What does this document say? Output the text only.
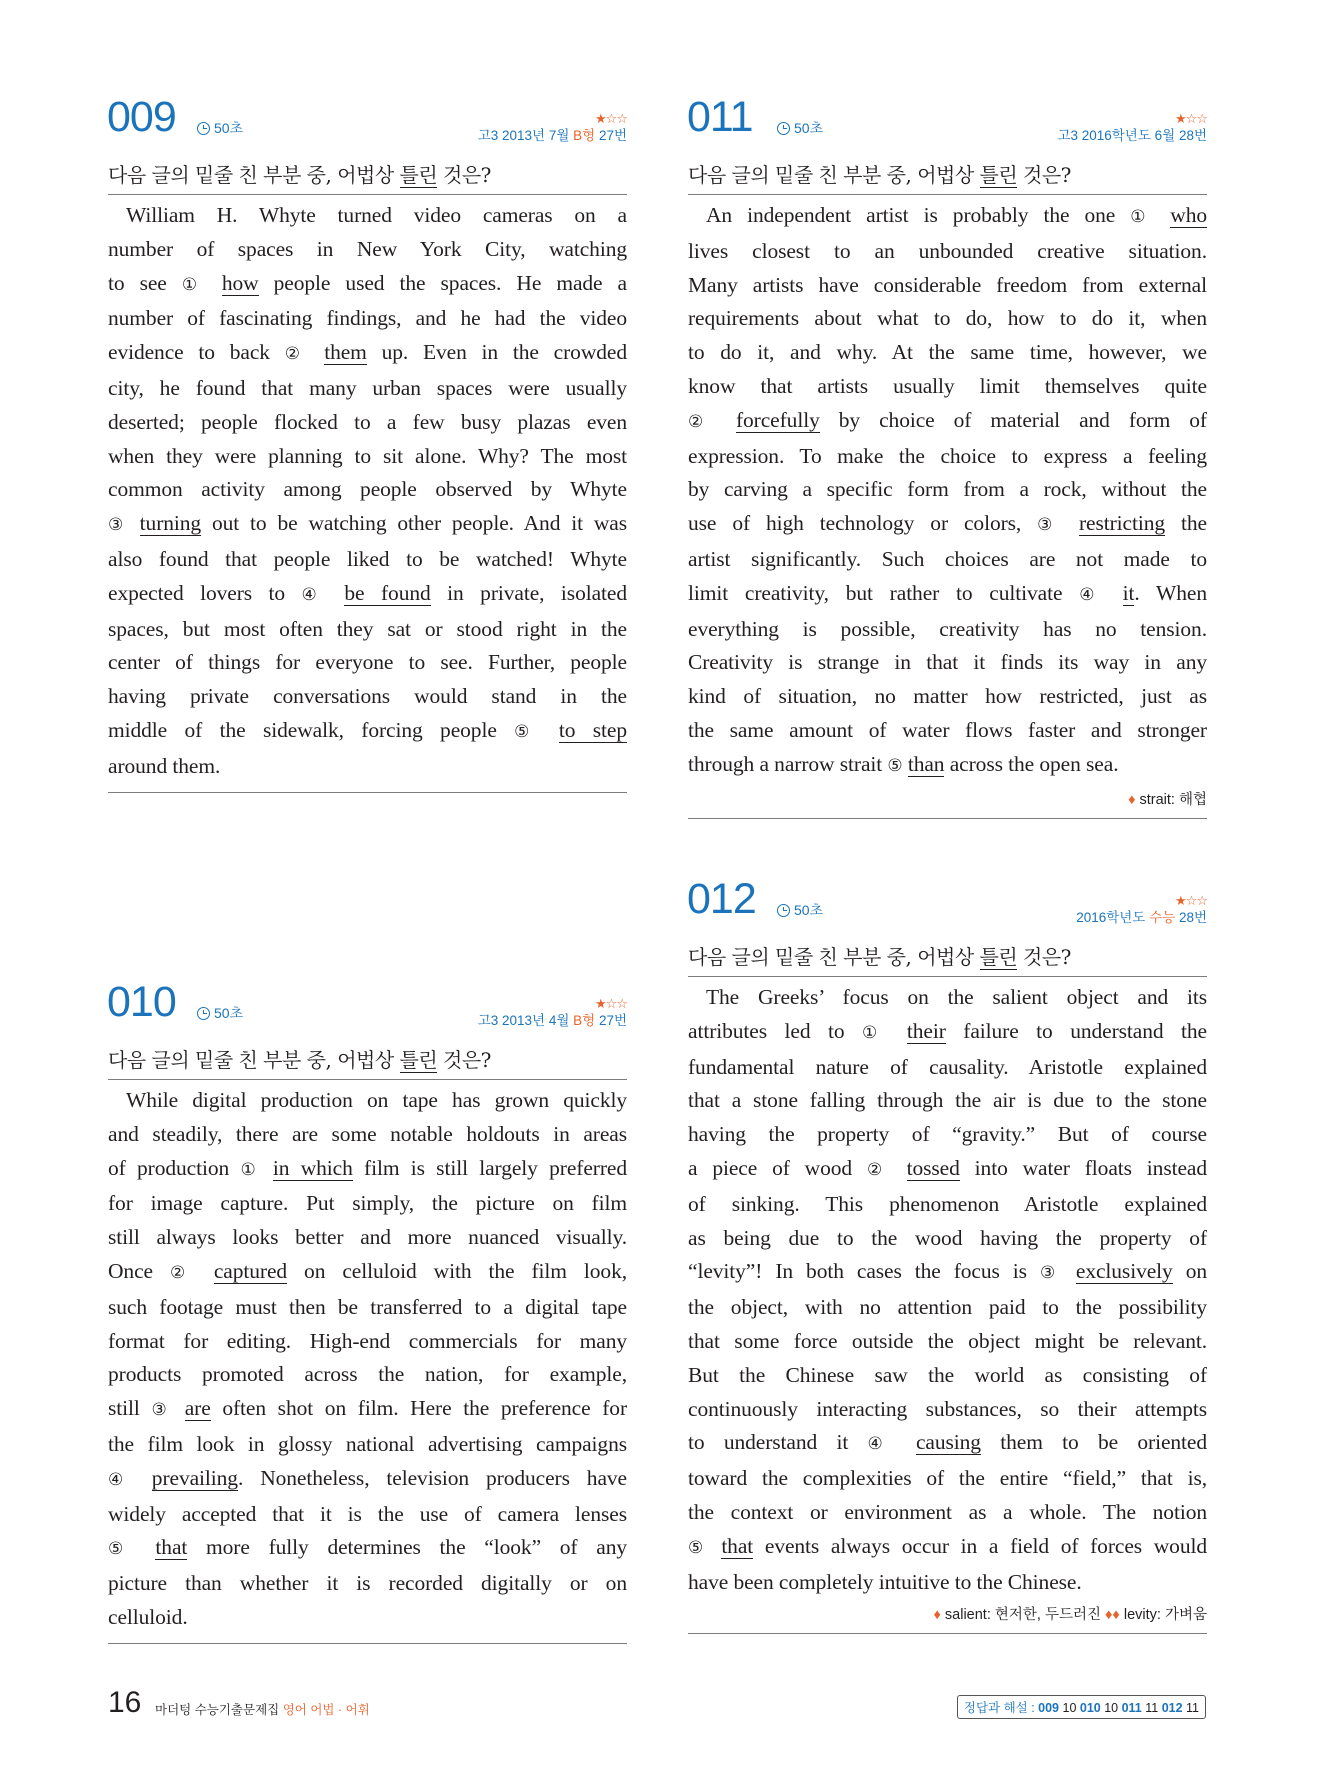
009	50초
★☆☆
고3 2013년 7월 B형 27번
다음 글의 밑줄 친 부분 중, 어법상 틀린 것은?
William H. Whyte turned video cameras on a
number of spaces in New York City, watching
to see ① how people used the spaces. He made a
number of fascinating findings, and he had the video
evidence to back ② them up. Even in the crowded
city, he found that many urban spaces were usually
deserted; people flocked to a few busy plazas even
when they were planning to sit alone. Why? The most
common activity among people observed by Whyte
③ turning out to be watching other people. And it was
also found that people liked to be watched! Whyte
expected lovers to ④ be found in private, isolated
spaces, but most often they sat or stood right in the
center of things for everyone to see. Further, people
having private conversations would stand in the
middle of the sidewalk, forcing people ⑤ to step
around them.
010	50초
★☆☆
고3 2013년 4월 B형 27번
다음 글의 밑줄 친 부분 중, 어법상 틀린 것은?
While digital production on tape has grown quickly
and steadily, there are some notable holdouts in areas
of production ① in which film is still largely preferred
for image capture. Put simply, the picture on film
still always looks better and more nuanced visually.
Once ② captured on celluloid with the film look,
such footage must then be transferred to a digital tape
format for editing. High-end commercials for many
products promoted across the nation, for example,
still ③ are often shot on film. Here the preference for
the film look in glossy national advertising campaigns
④ prevailing. Nonetheless, television producers have
widely accepted that it is the use of camera lenses
⑤ that more fully determines the “look” of any
picture than whether it is recorded digitally or on
celluloid.
011	50초
★☆☆
고3 2016학년도 6월 28번
다음 글의 밑줄 친 부분 중, 어법상 틀린 것은?
An independent artist is probably the one ① who
lives closest to an unbounded creative situation.
Many artists have considerable freedom from external
requirements about what to do, how to do it, when
to do it, and why. At the same time, however, we
know that artists usually limit themselves quite
② forcefully by choice of material and form of
expression. To make the choice to express a feeling
by carving a specific form from a rock, without the
use of high technology or colors, ③ restricting the
artist significantly. Such choices are not made to
limit creativity, but rather to cultivate ④ it. When
everything is possible, creativity has no tension.
Creativity is strange in that it finds its way in any
kind of situation, no matter how restricted, just as
the same amount of water flows faster and stronger
through a narrow strait ⑤ than across the open sea.
♦ strait: 해협
012	50초
★☆☆
2016학년도 수능 28번
다음 글의 밑줄 친 부분 중, 어법상 틀린 것은?
The Greeks’ focus on the salient object and its
attributes led to ① their failure to understand the
fundamental nature of causality. Aristotle explained
that a stone falling through the air is due to the stone
having the property of “gravity.” But of course
a piece of wood ② tossed into water floats instead
of sinking. This phenomenon Aristotle explained
as being due to the wood having the property of
“levity”! In both cases the focus is ③ exclusively on
the object, with no attention paid to the possibility
that some force outside the object might be relevant.
But the Chinese saw the world as consisting of
continuously interacting substances, so their attempts
to understand it ④ causing them to be oriented
toward the complexities of the entire “field,” that is,
the context or environment as a whole. The notion
⑤ that events always occur in a field of forces would
have been completely intuitive to the Chinese.
♦ salient: 현저한, 두드러진 ♦♦ levity: 가벼움
16 마더텅 수능기출문제집 영어 어법 · 어휘	정답과 해설 : 009 10 010 10 011 11 012 11
